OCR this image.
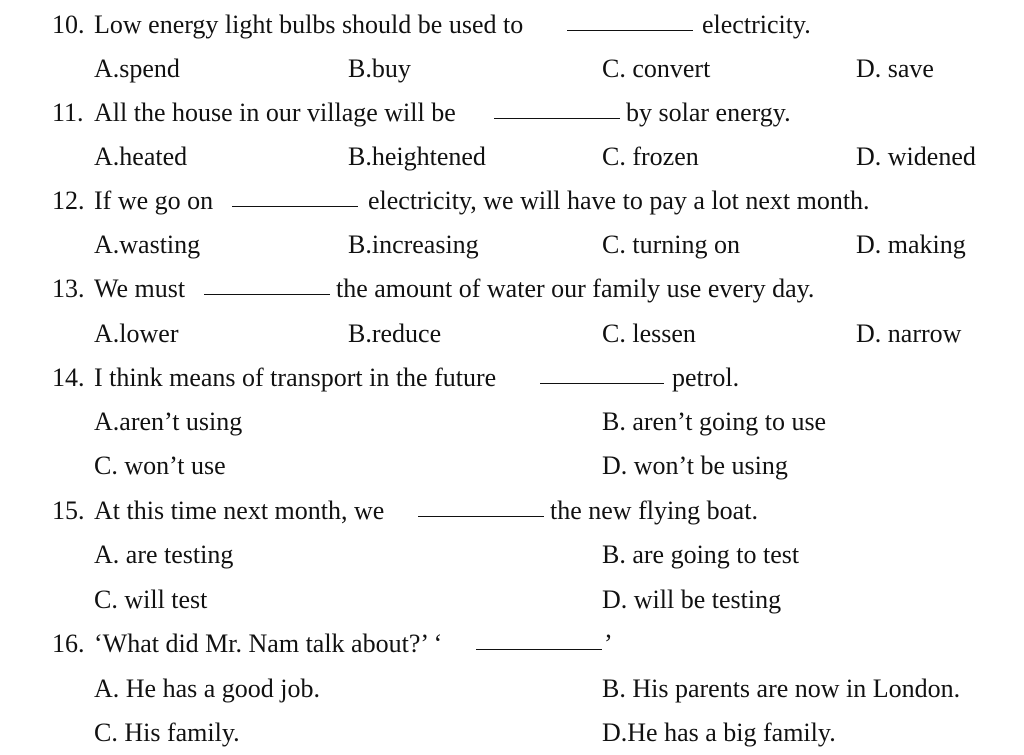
10. Low energy light bulbs should be used to	electricity.
A.spend	B.buy	C. convert	D. save
11. All the house in our village will be	by solar energy.
A.heated	B.heightened	C. frozen	D. widened
12. If we go on	electricity, we will have to pay a lot next month.
A.wasting	B.increasing	C. turning on	D. making
13. We must	the amount of water our family use every day.
A.lower	B.reduce	C. lessen	D. narrow
14. I think means of transport in the future	petrol.
A.aren’t using	B. aren’t going to use
C. won’t use	D. won’t be using
15. At this time next month, we	the new flying boat.
A. are testing	B. are going to test
C. will test	D. will be testing
16. ‘What did Mr. Nam talk about?’ ‘	’
A. He has a good job.	B. His parents are now in London.
C. His family.	D.He has a big family.
